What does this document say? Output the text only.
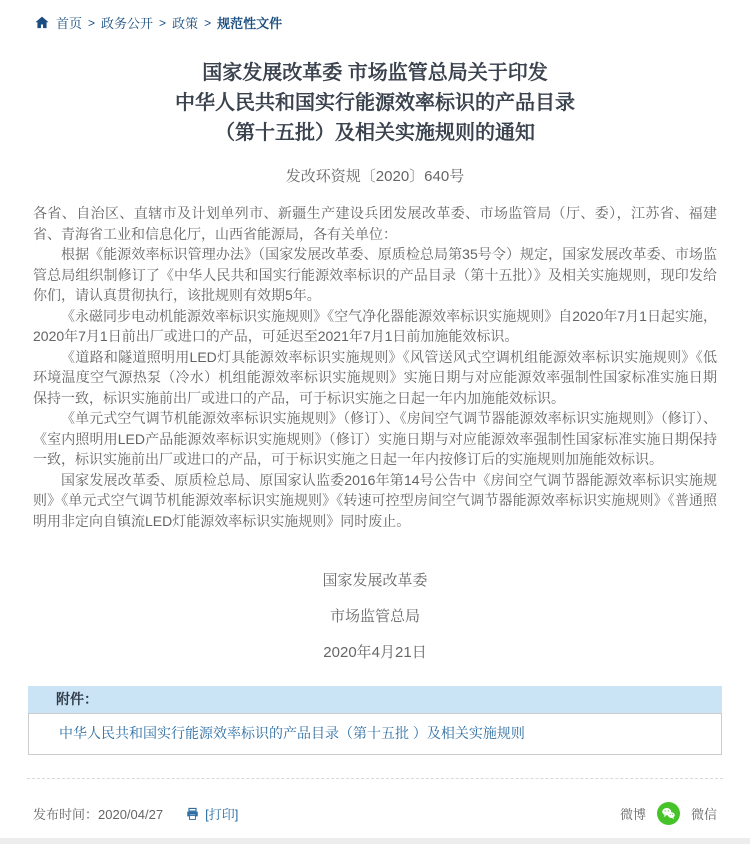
首页 > 政务公开 > 政策 > 规范性文件
国家发展改革委 市场监管总局关于印发
中华人民共和国实行能源效率标识的产品目录
（第十五批）及相关实施规则的通知
发改环资规〔2020〕640号

各省、自治区、直辖市及计划单列市、新疆生产建设兵团发展改革委、市场监管局（厅、委），江苏省、福建省、青海省工业和信息化厅，山西省能源局，各有关单位：

根据《能源效率标识管理办法》（国家发展改革委、原质检总局第35号令）规定，国家发展改革委、市场监管总局组织制修订了《中华人民共和国实行能源效率标识的产品目录（第十五批）》及相关实施规则，现印发给你们，请认真贯彻执行，该批规则有效期5年。

《永磁同步电动机能源效率标识实施规则》《空气净化器能源效率标识实施规则》自2020年7月1日起实施，2020年7月1日前出厂或进口的产品，可延迟至2021年7月1日前加施能效标识。

《道路和隧道照明用LED灯具能源效率标识实施规则》《风管送风式空调机组能源效率标识实施规则》《低环境温度空气源热泵（冷水）机组能源效率标识实施规则》实施日期与对应能源效率强制性国家标准实施日期保持一致，标识实施前出厂或进口的产品，可于标识实施之日起一年内加施能效标识。

《单元式空气调节机能源效率标识实施规则》（修订）、《房间空气调节器能源效率标识实施规则》（修订）、《室内照明用LED产品能源效率标识实施规则》（修订）实施日期与对应能源效率强制性国家标准实施日期保持一致，标识实施前出厂或进口的产品，可于标识实施之日起一年内按修订后的实施规则加施能效标识。

国家发展改革委、原质检总局、原国家认监委2016年第14号公告中《房间空气调节器能源效率标识实施规则》《单元式空气调节机能源效率标识实施规则》《转速可控型房间空气调节器能源效率标识实施规则》《普通照明用非定向自镇流LED灯能源效率标识实施规则》同时废止。

国家发展改革委
市场监管总局
2020年4月21日
附件：
中华人民共和国实行能源效率标识的产品目录（第十五批 ）及相关实施规则
发布时间：2020/04/27	[打印]	微博	微信
